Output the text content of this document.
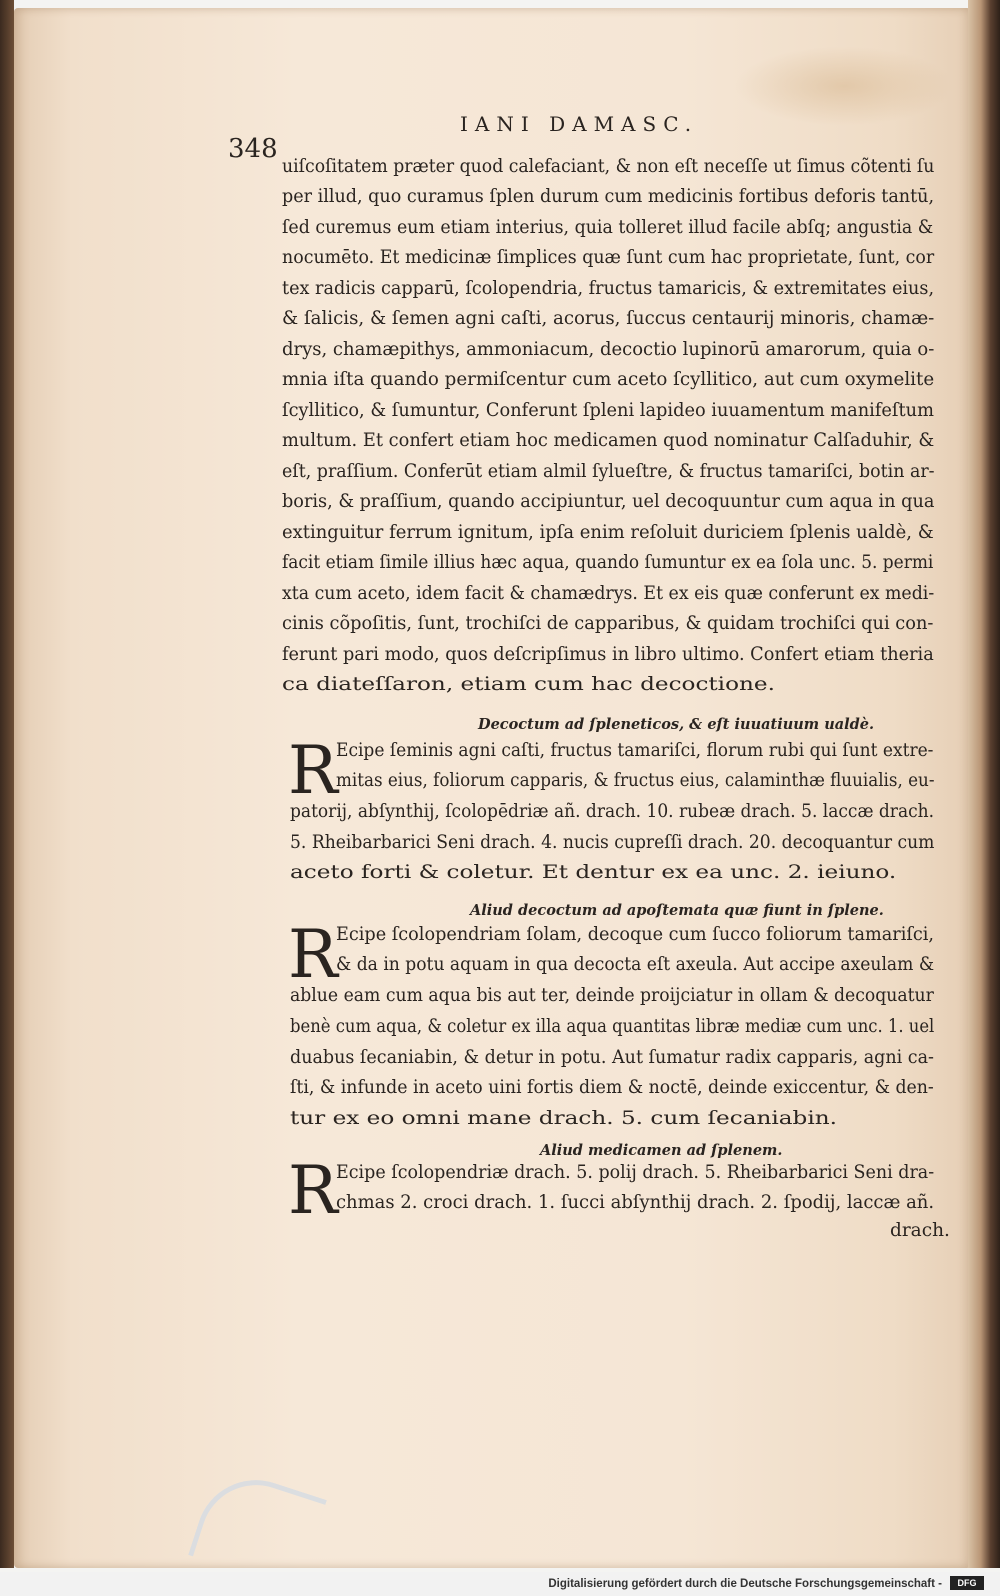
348
IANI DAMASC.
uiſcoſitatem præter quod calefaciant, & non eſt neceſſe ut ſimus cõtenti ſu
per illud, quo curamus ſplen durum cum medicinis fortibus deforis tantū,
ſed curemus eum etiam interius, quia tolleret illud facile abſq; angustia &
nocumēto. Et medicinæ ſimplices quæ ſunt cum hac proprietate, ſunt, cor
tex radicis capparū, ſcolopendria, fructus tamaricis, & extremitates eius,
& ſalicis, & ſemen agni caſti, acorus, ſuccus centaurij minoris, chamæ-
drys, chamæpithys, ammoniacum, decoctio lupinorū amarorum, quia o-
mnia iſta quando permiſcentur cum aceto ſcyllitico, aut cum oxymelite
ſcyllitico, & ſumuntur, Conferunt ſpleni lapideo iuuamentum manifeſtum
multum. Et confert etiam hoc medicamen quod nominatur Calſaduhir, &
eſt, praſſium. Conferūt etiam almil ſylueſtre, & fructus tamariſci, botin ar-
boris, & praſſium, quando accipiuntur, uel decoquuntur cum aqua in qua
extinguitur ferrum ignitum, ipſa enim reſoluit duriciem ſplenis ualdè, &
facit etiam ſimile illius hæc aqua, quando ſumuntur ex ea ſola unc. 5. permi
xta cum aceto, idem facit & chamædrys. Et ex eis quæ conferunt ex medi-
cinis cõpoſitis, ſunt, trochiſci de capparibus, & quidam trochiſci qui con-
ferunt pari modo, quos deſcripſimus in libro ultimo. Confert etiam theria
ca diateſſaron, etiam cum hac decoctione.
Decoctum ad ſpleneticos, & eſt iuuatiuum ualdè.
R
Ecipe ſeminis agni caſti, fructus tamariſci, florum rubi qui ſunt extre-
mitas eius, foliorum capparis, & fructus eius, calaminthæ fluuialis, eu-
patorij, abſynthij, ſcolopēdriæ añ. drach. 10. rubeæ drach. 5. laccæ drach.
5. Rheibarbarici Seni drach. 4. nucis cupreſſi drach. 20. decoquantur cum
aceto forti & coletur. Et dentur ex ea unc. 2. ieiuno.
Aliud decoctum ad apoſtemata quæ fiunt in ſplene.
R
Ecipe ſcolopendriam ſolam, decoque cum ſucco foliorum tamariſci,
& da in potu aquam in qua decocta eſt axeula. Aut accipe axeulam &
ablue eam cum aqua bis aut ter, deinde proijciatur in ollam & decoquatur
benè cum aqua, & coletur ex illa aqua quantitas libræ mediæ cum unc. 1. uel
duabus ſecaniabin, & detur in potu. Aut ſumatur radix capparis, agni ca-
ſti, & infunde in aceto uini fortis diem & noctē, deinde exiccentur, & den-
tur ex eo omni mane drach. 5. cum ſecaniabin.
Aliud medicamen ad ſplenem.
R
Ecipe ſcolopendriæ drach. 5. polij drach. 5. Rheibarbarici Seni dra-
chmas 2. croci drach. 1. ſucci abſynthij drach. 2. ſpodij, laccæ añ.
drach.
Digitalisierung gefördert durch die Deutsche Forschungsgemeinschaft -	DFG
